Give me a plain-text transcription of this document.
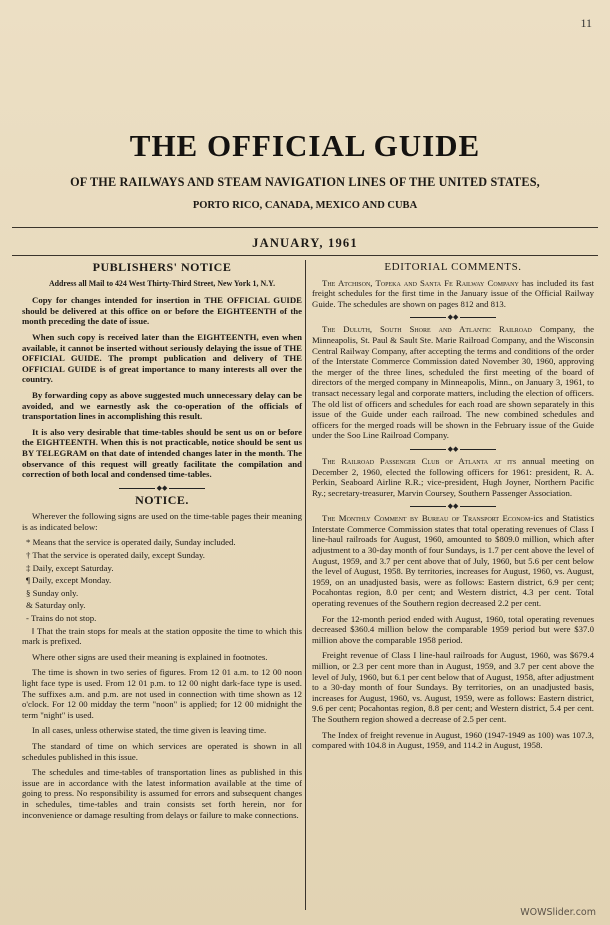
11
THE OFFICIAL GUIDE
OF THE RAILWAYS AND STEAM NAVIGATION LINES OF THE UNITED STATES,
PORTO RICO, CANADA, MEXICO AND CUBA
JANUARY, 1961
PUBLISHERS' NOTICE
Address all Mail to 424 West Thirty-Third Street, New York 1, N.Y.

Copy for changes intended for insertion in THE OFFICIAL GUIDE should be delivered at this office on or before the EIGHTEENTH of the month preceding the date of issue.

When such copy is received later than the EIGHTEENTH, even when available, it cannot be inserted without seriously delaying the issue of THE OFFICIAL GUIDE. The prompt publication and delivery of THE OFFICIAL GUIDE is of great importance to many interests all over the country.

By forwarding copy as above suggested much unnecessary delay can be avoided, and we earnestly ask the co-operation of the officials of transportation lines in accomplishing this result.

It is also very desirable that time-tables should be sent us on or before the EIGHTEENTH. When this is not practicable, notice should be sent us BY TELEGRAM on that date of intended changes later in the month. The observance of this request will greatly facilitate the compilation and correction of both local and condensed time-tables.

◆◆
NOTICE.

Wherever the following signs are used on the time-table pages their meaning is as indicated below:

* Means that the service is operated daily, Sunday included.
† That the service is operated daily, except Sunday.
‡ Daily, except Saturday.
¶ Daily, except Monday.
§ Sunday only.
& Saturday only.
- Trains do not stop.

‖ That the train stops for meals at the station opposite the time to which this mark is prefixed.

Where other signs are used their meaning is explained in footnotes.

The time is shown in two series of figures. From 12 01 a.m. to 12 00 noon light face type is used. From 12 01 p.m. to 12 00 night dark-face type is used. The suffixes a.m. and p.m. are not used in connection with time shown as 12 o'clock. For 12 00 midday the term "noon" is applied; for 12 00 midnight the term "night" is used.

In all cases, unless otherwise stated, the time given is leaving time.

The standard of time on which services are operated is shown in all schedules published in this issue.

The schedules and time-tables of transportation lines as published in this issue are in accordance with the latest information available at the time of going to press. No responsibility is assumed for errors and subsequent changes in schedules, time-tables and train consists set forth herein, nor for inconvenience or damage resulting from delays or failure to make connections.

EDITORIAL COMMENTS.

The Atchison, Topeka and Santa Fe Railway Company has included its fast freight schedules for the first time in the January issue of the Official Railway Guide. The schedules are shown on pages 812 and 813.

◆◆

The Duluth, South Shore and Atlantic Railroad Company, the Minneapolis, St. Paul & Sault Ste. Marie Railroad Company, and the Wisconsin Central Railway Company, after accepting the terms and conditions of the order of the Interstate Commerce Commission dated November 30, 1960, approving the merger of the three lines, scheduled the first meeting of the board of directors of the merged company in Minneapolis, Minn., on January 3, 1961, to transact necessary legal and corporate matters, including the election of officers. The old list of officers and schedules for each road are shown separately in this issue of the Guide under each railroad. The new combined schedules and officers for the merged roads will be shown in the February issue of the Guide under the Soo Line Railroad Company.

◆◆

The Railroad Passenger Club of Atlanta at its annual meeting on December 2, 1960, elected the following officers for 1961: president, R. A. Perkin, Seaboard Airline R.R.; vice-president, Hugh Joyner, Northern Pacific Ry.; secretary-treasurer, Marvin Coursey, Southern Passenger Association.

◆◆

The Monthly Comment by Bureau of Transport Econom-ics and Statistics Interstate Commerce Commission states that total operating revenues of Class I line-haul railroads for August, 1960, amounted to $809.0 million, which after adjustment to a 30-day month of four Sundays, is 1.7 per cent above the level of August, 1959, and 3.7 per cent above that of July, 1960, but 5.6 per cent below the level of August, 1958. By territories, increases for August, 1960, vs. August, 1959, on an unadjusted basis, were as follows: Eastern district, 6.9 per cent; Pocahontas region, 8.0 per cent; and Western district, 4.3 per cent. Total operating revenues of the Southern region decreased 2.2 per cent.

For the 12-month period ended with August, 1960, total operating revenues decreased $360.4 million below the comparable 1959 period but were $37.0 million above the comparable 1958 period.

Freight revenue of Class I line-haul railroads for August, 1960, was $679.4 million, or 2.3 per cent more than in August, 1959, and 3.7 per cent above the level of July, 1960, but 6.1 per cent below that of August, 1958, after adjustment to a 30-day month of four Sundays. By territories, on an unadjusted basis, increases for August, 1960, vs. August, 1959, were as follows: Eastern district, 9.6 per cent; Pocahontas region, 8.8 per cent; and Western district, 5.4 per cent. The Southern region showed a decrease of 2.5 per cent.

The Index of freight revenue in August, 1960 (1947-1949 as 100) was 107.3, compared with 104.8 in August, 1959, and 114.2 in August, 1958.

WOWSlider.com
